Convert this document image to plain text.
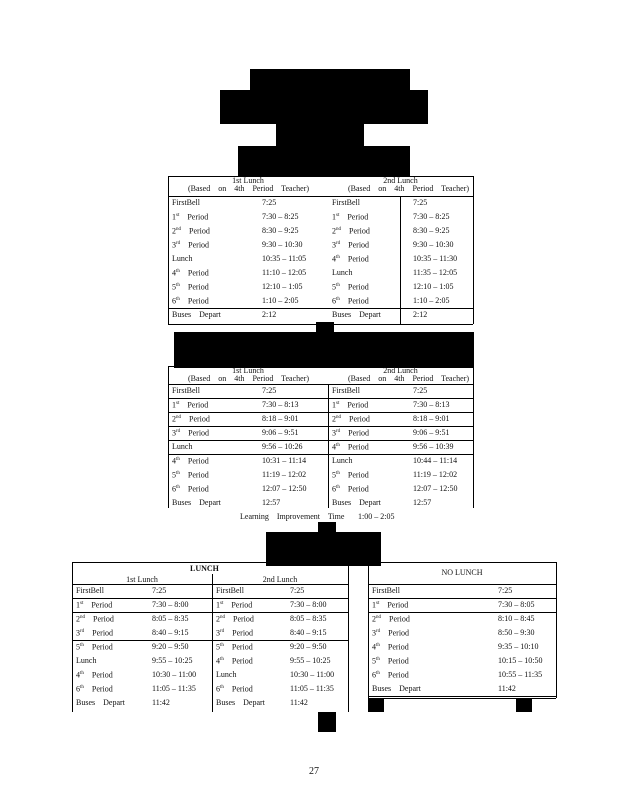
1st Lunch
(Based on 4th Period Teacher)
FirstBell	7:25
1st Period	7:30 – 8:25
2nd Period	8:30 – 9:25
3rd Period	9:30 – 10:30
Lunch	10:35 – 11:05
4th Period	11:10 – 12:05
5th Period	12:10 – 1:05
6th Period	1:10 – 2:05
Buses Depart	2:12
2nd Lunch
(Based on 4th Period Teacher)
FirstBell	7:25
1st Period	7:30 – 8:25
2nd Period	8:30 – 9:25
3rd Period	9:30 – 10:30
4th Period	10:35 – 11:30
Lunch	11:35 – 12:05
5th Period	12:10 – 1:05
6th Period	1:10 – 2:05
Buses Depart	2:12
1st Lunch
(Based on 4th Period Teacher)
FirstBell	7:25
1st Period	7:30 – 8:13
2nd Period	8:18 – 9:01
3rd Period	9:06 – 9:51
Lunch	9:56 – 10:26
4th Period	10:31 – 11:14
5th Period	11:19 – 12:02
6th Period	12:07 – 12:50
Buses Depart	12:57
2nd Lunch
(Based on 4th Period Teacher)
FirstBell	7:25
1st Period	7:30 – 8:13
2nd Period	8:18 – 9:01
3rd Period	9:06 – 9:51
4th Period	9:56 – 10:39
Lunch	10:44 – 11:14
5th Period	11:19 – 12:02
6th Period	12:07 – 12:50
Buses Depart	12:57
Learning Improvement Time 1:00 – 2:05
LUNCH
1st Lunch
FirstBell	7:25
1st Period	7:30 – 8:00
2nd Period	8:05 – 8:35
3rd Period	8:40 – 9:15
5th Period	9:20 – 9:50
Lunch	9:55 – 10:25
4th Period	10:30 – 11:00
6th Period	11:05 – 11:35
Buses Depart	11:42
2nd Lunch
FirstBell	7:25
1st Period	7:30 – 8:00
2nd Period	8:05 – 8:35
3rd Period	8:40 – 9:15
5th Period	9:20 – 9:50
4th Period	9:55 – 10:25
Lunch	10:30 – 11:00
6th Period	11:05 – 11:35
Buses Depart	11:42
NO LUNCH
FirstBell	7:25
1st Period	7:30 – 8:05
2nd Period	8:10 – 8:45
3rd Period	8:50 – 9:30
4th Period	9:35 – 10:10
5th Period	10:15 – 10:50
6th Period	10:55 – 11:35
Buses Depart	11:42
27
